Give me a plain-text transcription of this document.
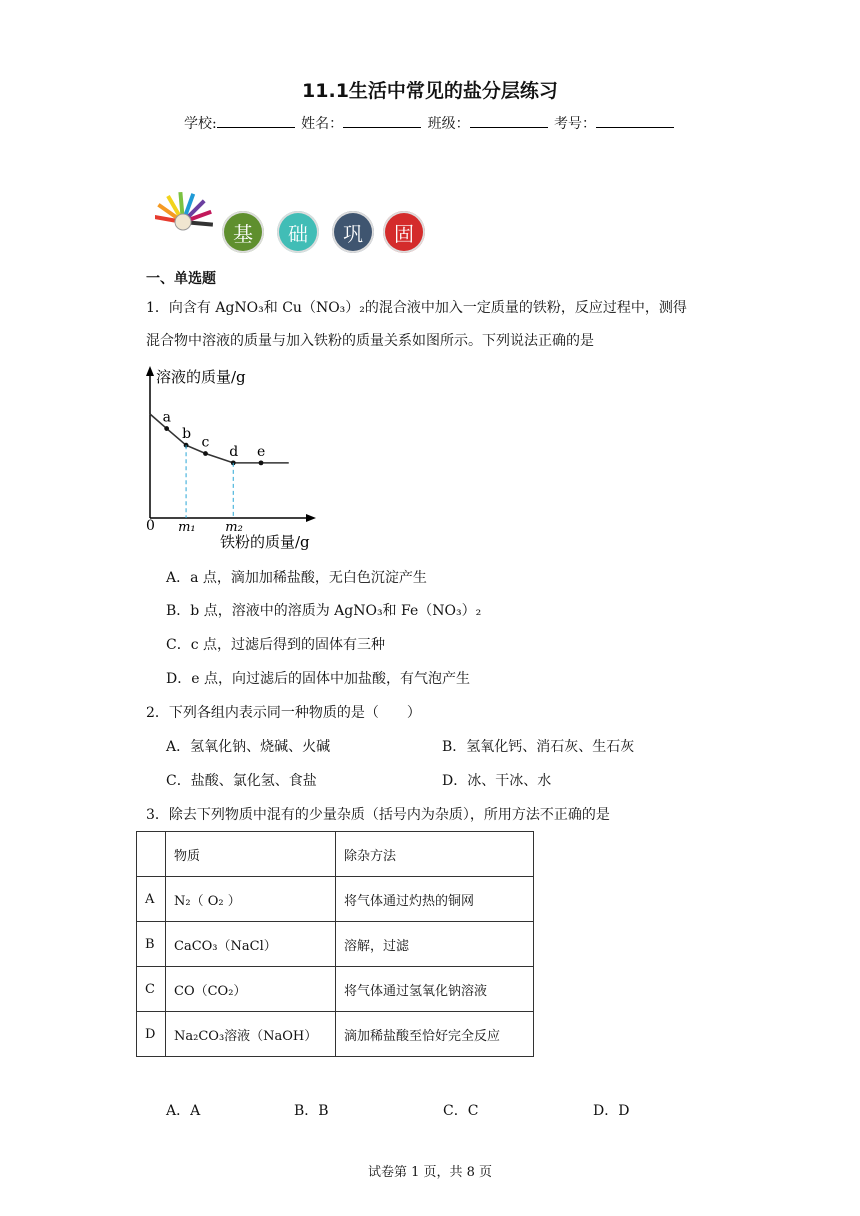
11.1生活中常见的盐分层练习
学校:	姓名：	班级：	考号：
基	础	巩	固
一、单选题
1．向含有 AgNO₃和 Cu（NO₃）₂的混合液中加入一定质量的铁粉，反应过程中，测得
混合物中溶液的质量与加入铁粉的质量关系如图所示。下列说法正确的是
溶液的质量/g
铁粉的质量/g
0
a
b
c
d e
m₁ m₂
A．a 点，滴加加稀盐酸，无白色沉淀产生
B．b 点，溶液中的溶质为 AgNO₃和 Fe（NO₃）₂
C．c 点，过滤后得到的固体有三种
D．e 点，向过滤后的固体中加盐酸，有气泡产生
2．下列各组内表示同一种物质的是（　　）
A．氢氧化钠、烧碱、火碱	B．氢氧化钙、消石灰、生石灰
C．盐酸、氯化氢、食盐	D．冰、干冰、水
3．除去下列物质中混有的少量杂质（括号内为杂质），所用方法不正确的是
	物质	除杂方法
A	N₂（ O₂ ）	将气体通过灼热的铜网
B	CaCO₃（NaCl）	溶解，过滤
C	CO（CO₂）	将气体通过氢氧化钠溶液
D	Na₂CO₃溶液（NaOH）	滴加稀盐酸至恰好完全反应
A．A	B．B	C．C	D．D
试卷第 1 页，共 8 页
